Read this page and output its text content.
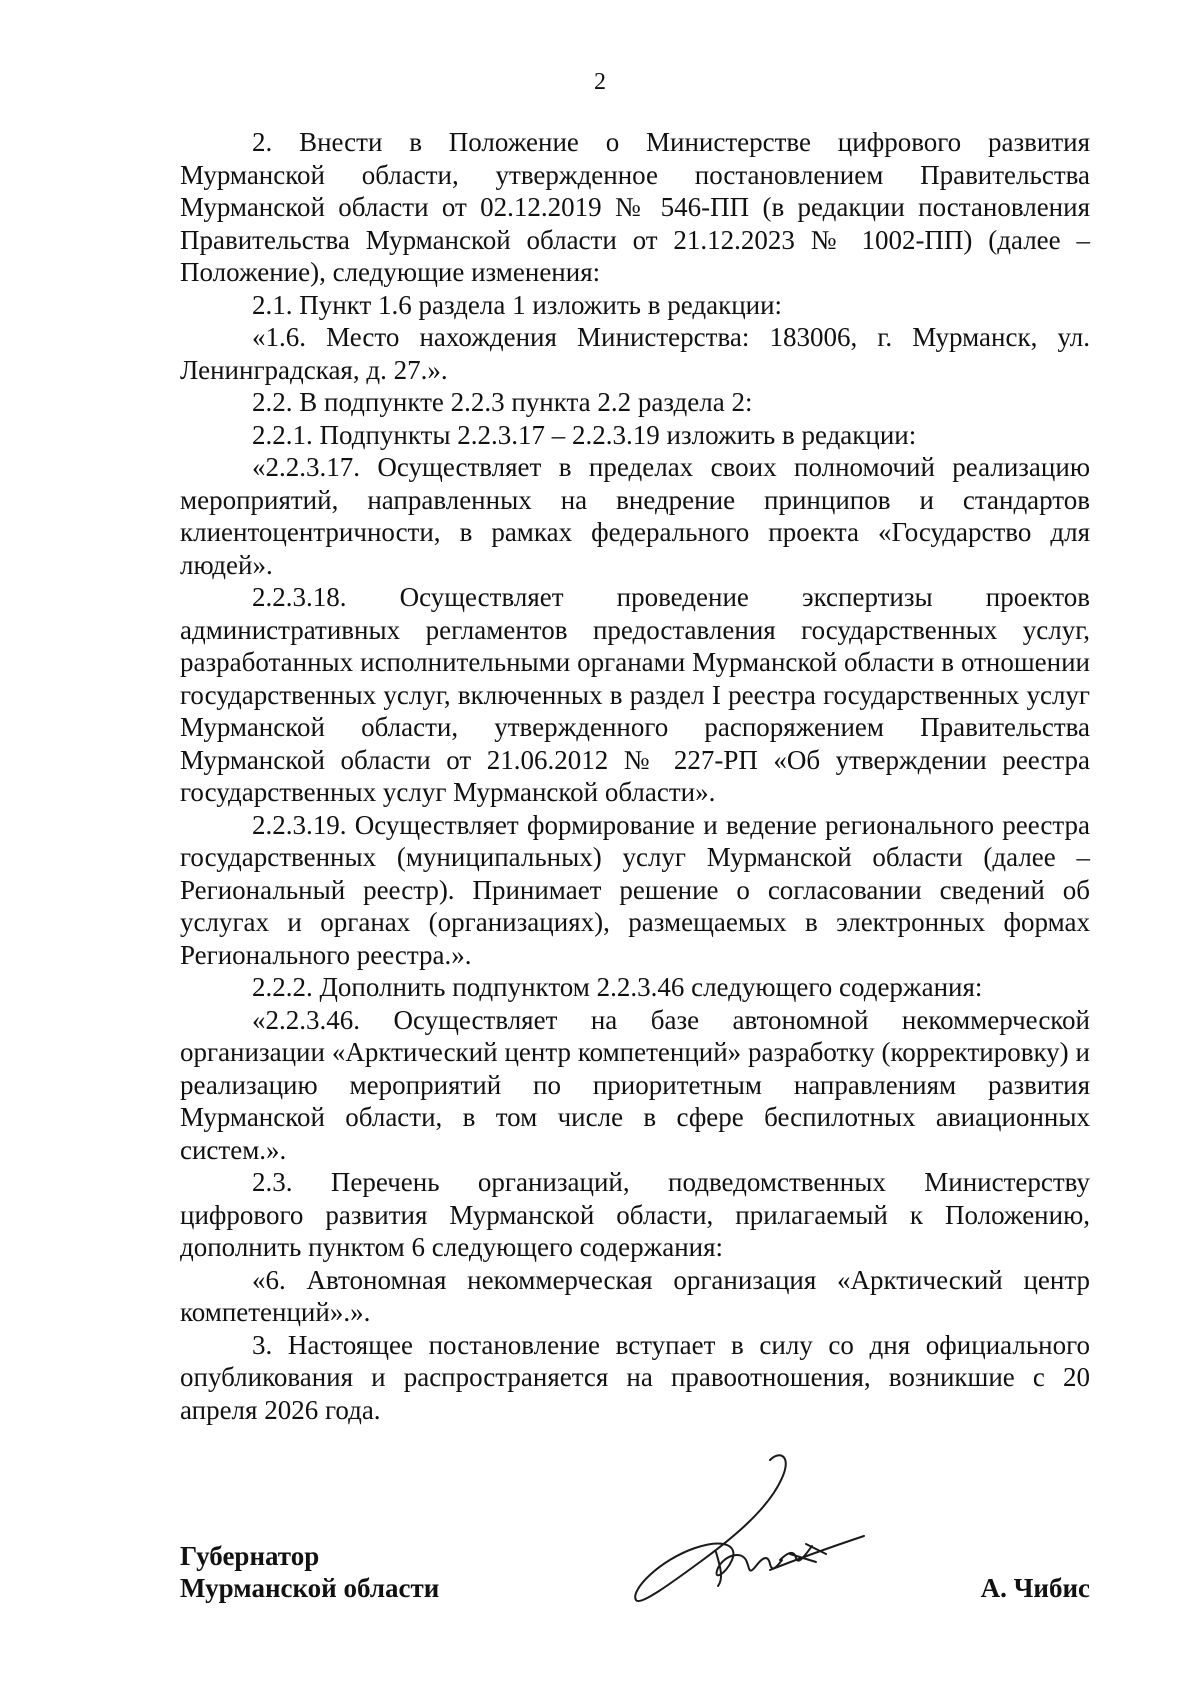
2

2. Внести в Положение о Министерстве цифрового развития Мурманской области, утвержденное постановлением Правительства Мурманской области от 02.12.2019 № 546-ПП (в редакции постановления Правительства Мурманской области от 21.12.2023 № 1002-ПП) (далее – Положение), следующие изменения:

2.1. Пункт 1.6 раздела 1 изложить в редакции:

«1.6. Место нахождения Министерства: 183006, г. Мурманск, ул. Ленинградская, д. 27.».

2.2. В подпункте 2.2.3 пункта 2.2 раздела 2:

2.2.1. Подпункты 2.2.3.17 – 2.2.3.19 изложить в редакции:

«2.2.3.17. Осуществляет в пределах своих полномочий реализацию мероприятий, направленных на внедрение принципов и стандартов клиентоцентричности, в рамках федерального проекта «Государство для людей».

2.2.3.18. Осуществляет проведение экспертизы проектов административных регламентов предоставления государственных услуг, разработанных исполнительными органами Мурманской области в отношении государственных услуг, включенных в раздел I реестра государственных услуг Мурманской области, утвержденного распоряжением Правительства Мурманской области от 21.06.2012 № 227-РП «Об утверждении реестра государственных услуг Мурманской области».

2.2.3.19. Осуществляет формирование и ведение регионального реестра государственных (муниципальных) услуг Мурманской области (далее – Региональный реестр). Принимает решение о согласовании сведений об услугах и органах (организациях), размещаемых в электронных формах Регионального реестра.».

2.2.2. Дополнить подпунктом 2.2.3.46 следующего содержания:

«2.2.3.46. Осуществляет на базе автономной некоммерческой организации «Арктический центр компетенций» разработку (корректировку) и реализацию мероприятий по приоритетным направлениям развития Мурманской области, в том числе в сфере беспилотных авиационных систем.».

2.3. Перечень организаций, подведомственных Министерству цифрового развития Мурманской области, прилагаемый к Положению, дополнить пунктом 6 следующего содержания:

«6. Автономная некоммерческая организация «Арктический центр компетенций».».

3. Настоящее постановление вступает в силу со дня официального опубликования и распространяется на правоотношения, возникшие с 20 апреля 2026 года.

Губернатор
Мурманской области	А. Чибис
